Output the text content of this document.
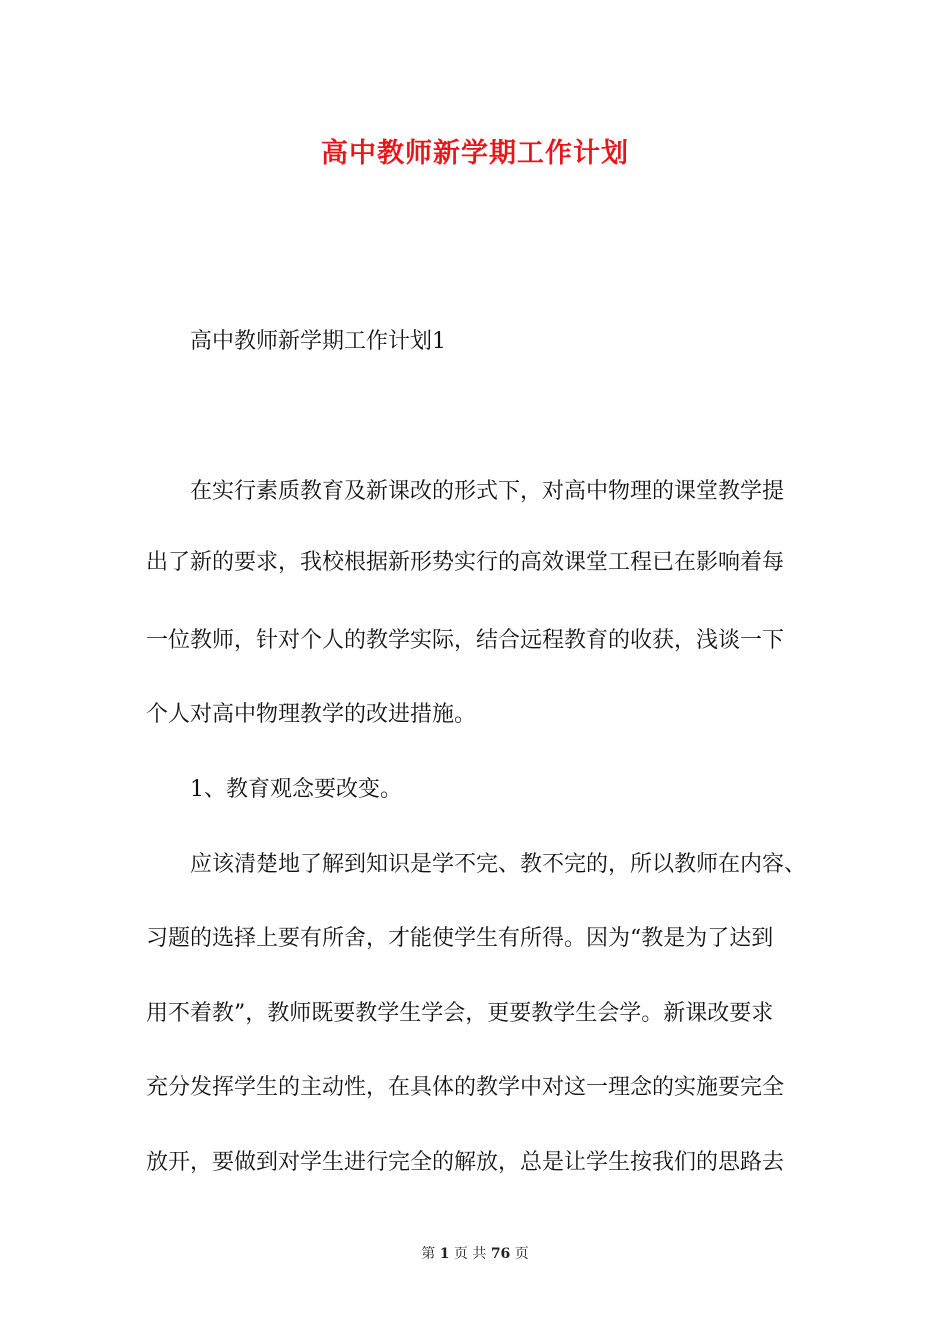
高中教师新学期工作计划
高中教师新学期工作计划1
在实行素质教育及新课改的形式下，对高中物理的课堂教学提
出了新的要求，我校根据新形势实行的高效课堂工程已在影响着每
一位教师，针对个人的教学实际，结合远程教育的收获，浅谈一下
个人对高中物理教学的改进措施。
1、教育观念要改变。
应该清楚地了解到知识是学不完、教不完的，所以教师在内容、
习题的选择上要有所舍，才能使学生有所得。因为“教是为了达到
用不着教”，教师既要教学生学会，更要教学生会学。新课改要求
充分发挥学生的主动性，在具体的教学中对这一理念的实施要完全
放开，要做到对学生进行完全的解放，总是让学生按我们的思路去
第 1 页 共 76 页
